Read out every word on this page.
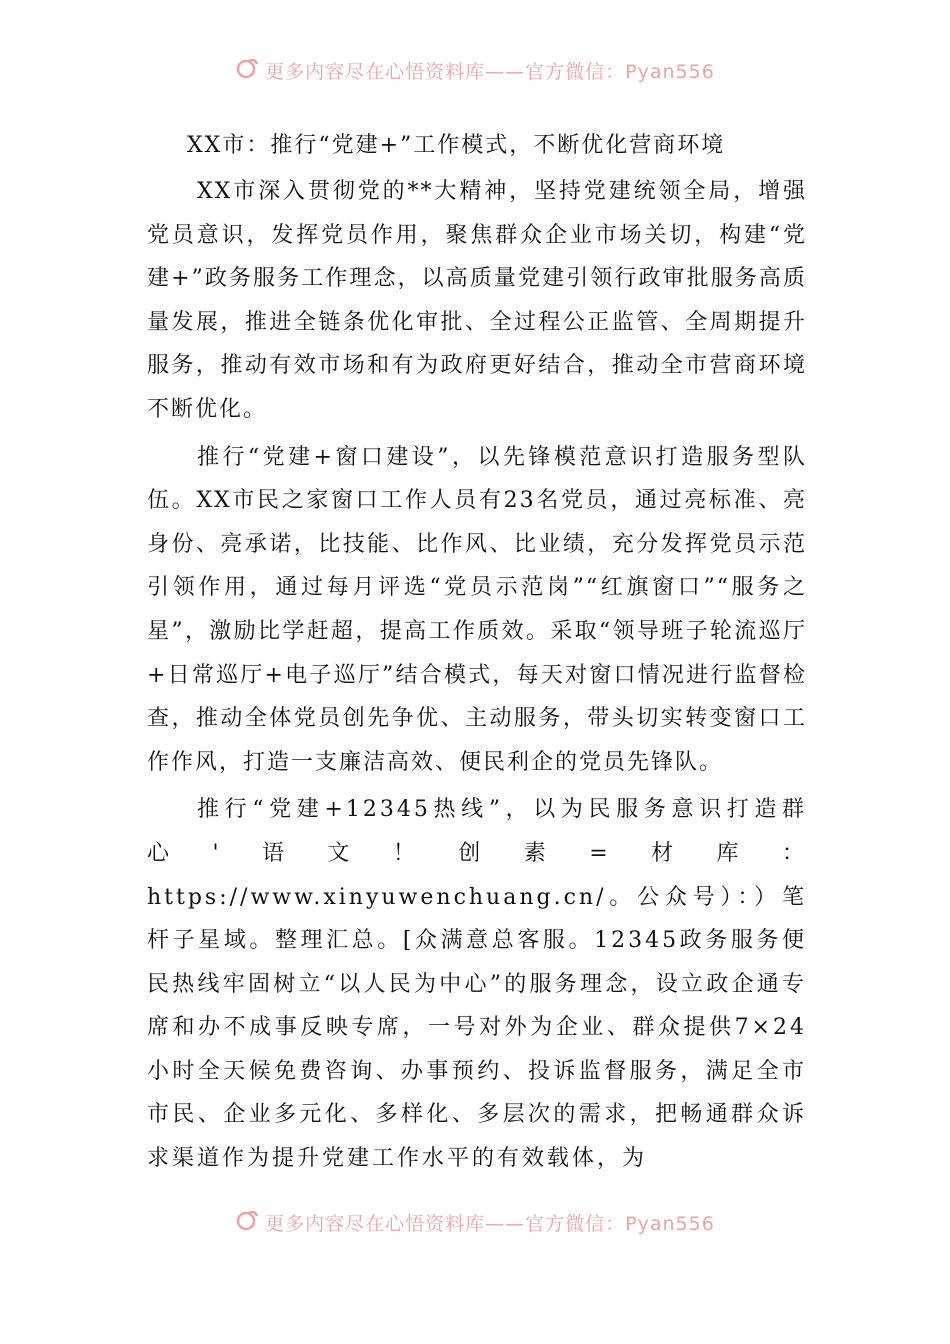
更多内容尽在心悟资料库——官方微信：Pyan556
XX市：推行“党建+”工作模式，不断优化营商环境

XX市深入贯彻党的**大精神，坚持党建统领全局，增强党员意识，发挥党员作用，聚焦群众企业市场关切，构建“党建+”政务服务工作理念，以高质量党建引领行政审批服务高质量发展，推进全链条优化审批、全过程公正监管、全周期提升服务，推动有效市场和有为政府更好结合，推动全市营商环境不断优化。

推行“党建+窗口建设”，以先锋模范意识打造服务型队伍。XX市民之家窗口工作人员有23名党员，通过亮标准、亮身份、亮承诺，比技能、比作风、比业绩，充分发挥党员示范引领作用，通过每月评选“党员示范岗”“红旗窗口”“服务之星”，激励比学赶超，提高工作质效。采取“领导班子轮流巡厅+日常巡厅+电子巡厅”结合模式，每天对窗口情况进行监督检查，推动全体党员创先争优、主动服务，带头切实转变窗口工作作风，打造一支廉洁高效、便民利企的党员先锋队。

推行“党建+12345热线”，以为民服务意识打造群心'语文！创素=材库：https://www.xinyuwenchuang.cn/。公众号）：）笔杆子星域。整理汇总。[众满意总客服。12345政务服务便民热线牢固树立“以人民为中心”的服务理念，设立政企通专席和办不成事反映专席，一号对外为企业、群众提供7×24小时全天候免费咨询、办事预约、投诉监督服务，满足全市市民、企业多元化、多样化、多层次的需求，把畅通群众诉求渠道作为提升党建工作水平的有效载体，为

更多内容尽在心悟资料库——官方微信：Pyan556
